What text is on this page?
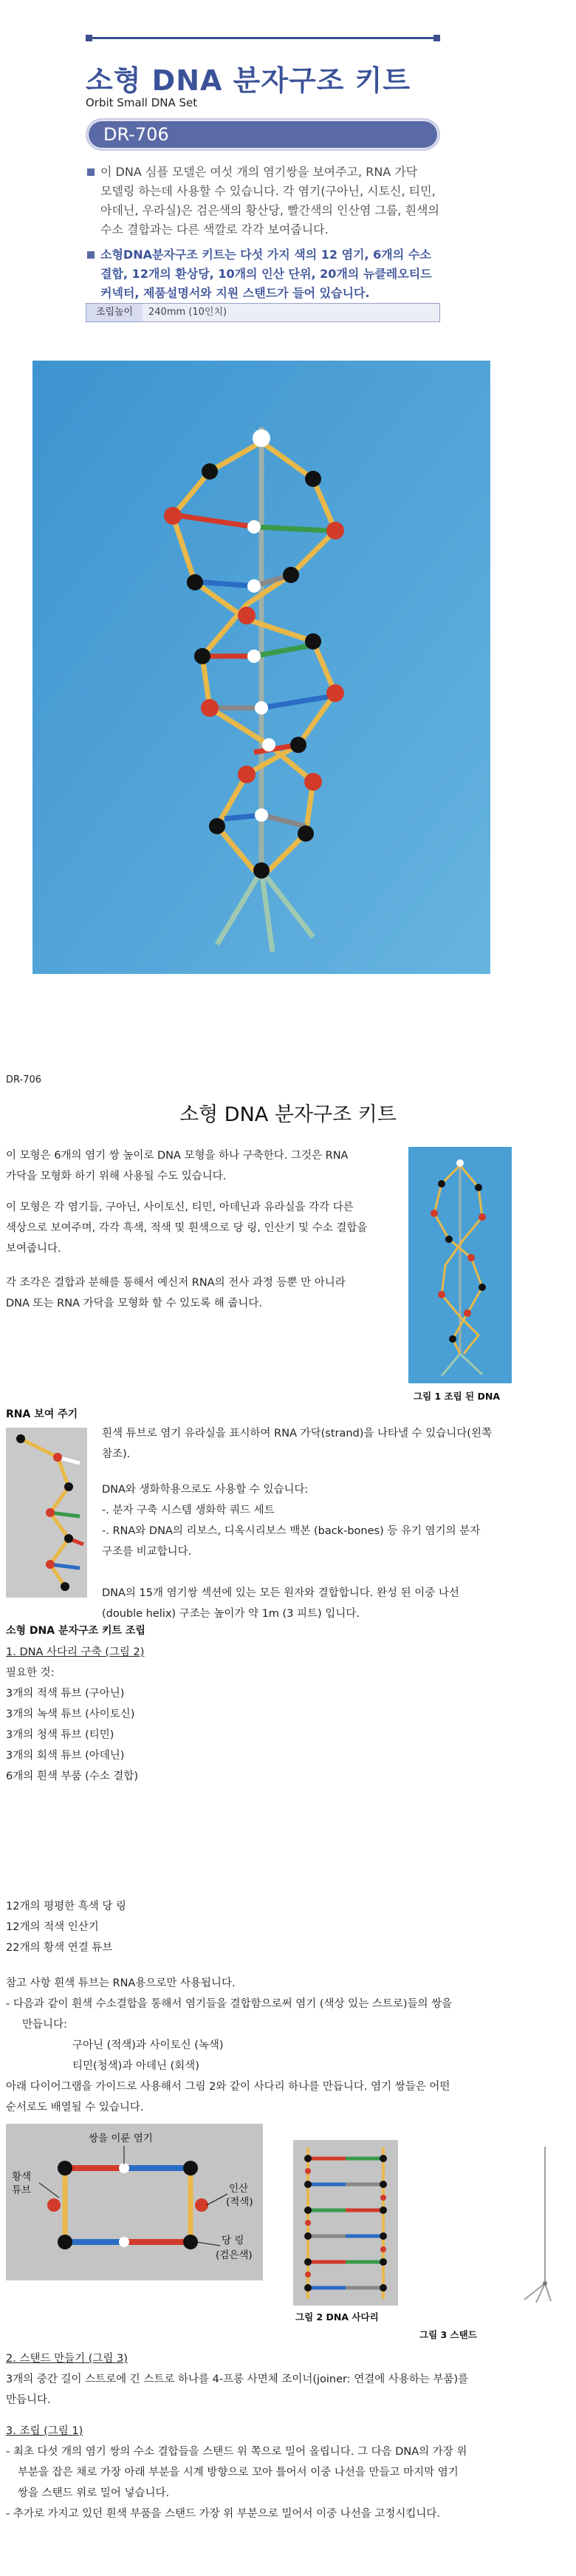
소형 DNA 분자구조 키트
Orbit Small DNA Set
DR-706
이 DNA 심플 모델은 여섯 개의 염기쌍을 보여주고, RNA 가닥
모델링 하는데 사용할 수 있습니다. 각 염기(구아닌, 시토신, 티민,
아데닌, 우라실)은 검은색의 황산당, 빨간색의 인산염 그룹, 흰색의
수소 결합과는 다른 색깔로 각각 보여줍니다.
소형DNA분자구조 키트는 다섯 가지 색의 12 염기, 6개의 수소
결합, 12개의 환상당, 10개의 인산 단위, 20개의 뉴클레오티드
커넥터, 제품설명서와 지원 스탠드가 들어 있습니다.
조립높이	240mm (10인치)
DR-706
소형 DNA 분자구조 키트
이 모형은 6개의 염기 쌍 높이로 DNA 모형을 하나 구축한다. 그것은 RNA
가닥을 모형화 하기 위해 사용될 수도 있습니다.
이 모형은 각 염기들, 구아닌, 사이토신, 티민, 아데닌과 유라실을 각각 다른
색상으로 보여주며, 각각 흑색, 적색 및 흰색으로 당 링, 인산기 및 수소 결합을
보여줍니다.
각 조각은 결합과 분해를 통해서 예신저 RNA의 전사 과정 등뿐 만 아니라
DNA 또는 RNA 가닥을 모형화 할 수 있도록 해 줍니다.
그림 1 조립 된 DNA
RNA 보여 주기
흰색 튜브로 염기 유라실을 표시하여 RNA 가닥(strand)을 나타낼 수 있습니다(왼쪽
참조).
DNA와 생화학용으로도 사용할 수 있습니다:
-. 분자 구축 시스템 생화학 쿼드 세트
-. RNA와 DNA의 리보스, 디옥시리보스 백본 (back-bones) 등 유기 염기의 분자
구조를 비교합니다.
DNA의 15개 염기쌍 섹션에 있는 모든 원자와 결합합니다. 완성 된 이중 나선
(double helix) 구조는 높이가 약 1m (3 피트) 입니다.
소형 DNA 분자구조 키트 조립
1. DNA 사다리 구축 (그림 2)
필요한 것:
3개의 적색 튜브 (구아닌)
3개의 녹색 튜브 (사이토신)
3개의 청색 튜브 (티민)
3개의 회색 튜브 (아데닌)
6개의 흰색 부품 (수소 결합)
12개의 평평한 흑색 당 링
12개의 적색 인산기
22개의 황색 연결 튜브
참고 사항 흰색 튜브는 RNA용으로만 사용됩니다.
- 다음과 같이 흰색 수소결합을 통해서 염기들을 결합함으로써 염기 (색상 있는 스트로)들의 쌍을
만듭니다:
구아닌 (적색)과 사이토신 (녹색)
티민(청색)과 아데닌 (회색)
아래 다이어그램을 가이드로 사용해서 그림 2와 같이 사다리 하나를 만듭니다. 염기 쌍들은 어떤
순서로도 배열될 수 있습니다.
쌍을 이룬 염기
황색
튜브	인산
(적색)
당 링
(검은색)
그림 2 DNA 사다리
그림 3 스탠드
2. 스탠드 만들기 (그림 3)
3개의 중간 길이 스트로에 긴 스트로 하나를 4-프롱 사면체 조이너(joiner: 연결에 사용하는 부품)를
만듭니다.
3. 조립 (그림 1)
- 최초 다섯 개의 염기 쌍의 수소 결합들을 스탠드 위 쪽으로 밀어 올립니다. 그 다음 DNA의 가장 위
부분을 잡은 채로 가장 아래 부분을 시계 방향으로 꼬아 틀어서 이중 나선을 만들고 마지막 염기
쌍을 스탠드 위로 밀어 넣습니다.
- 추가로 가지고 있던 흰색 부품을 스탠드 가장 위 부분으로 밀어서 이중 나선을 고정시킵니다.
